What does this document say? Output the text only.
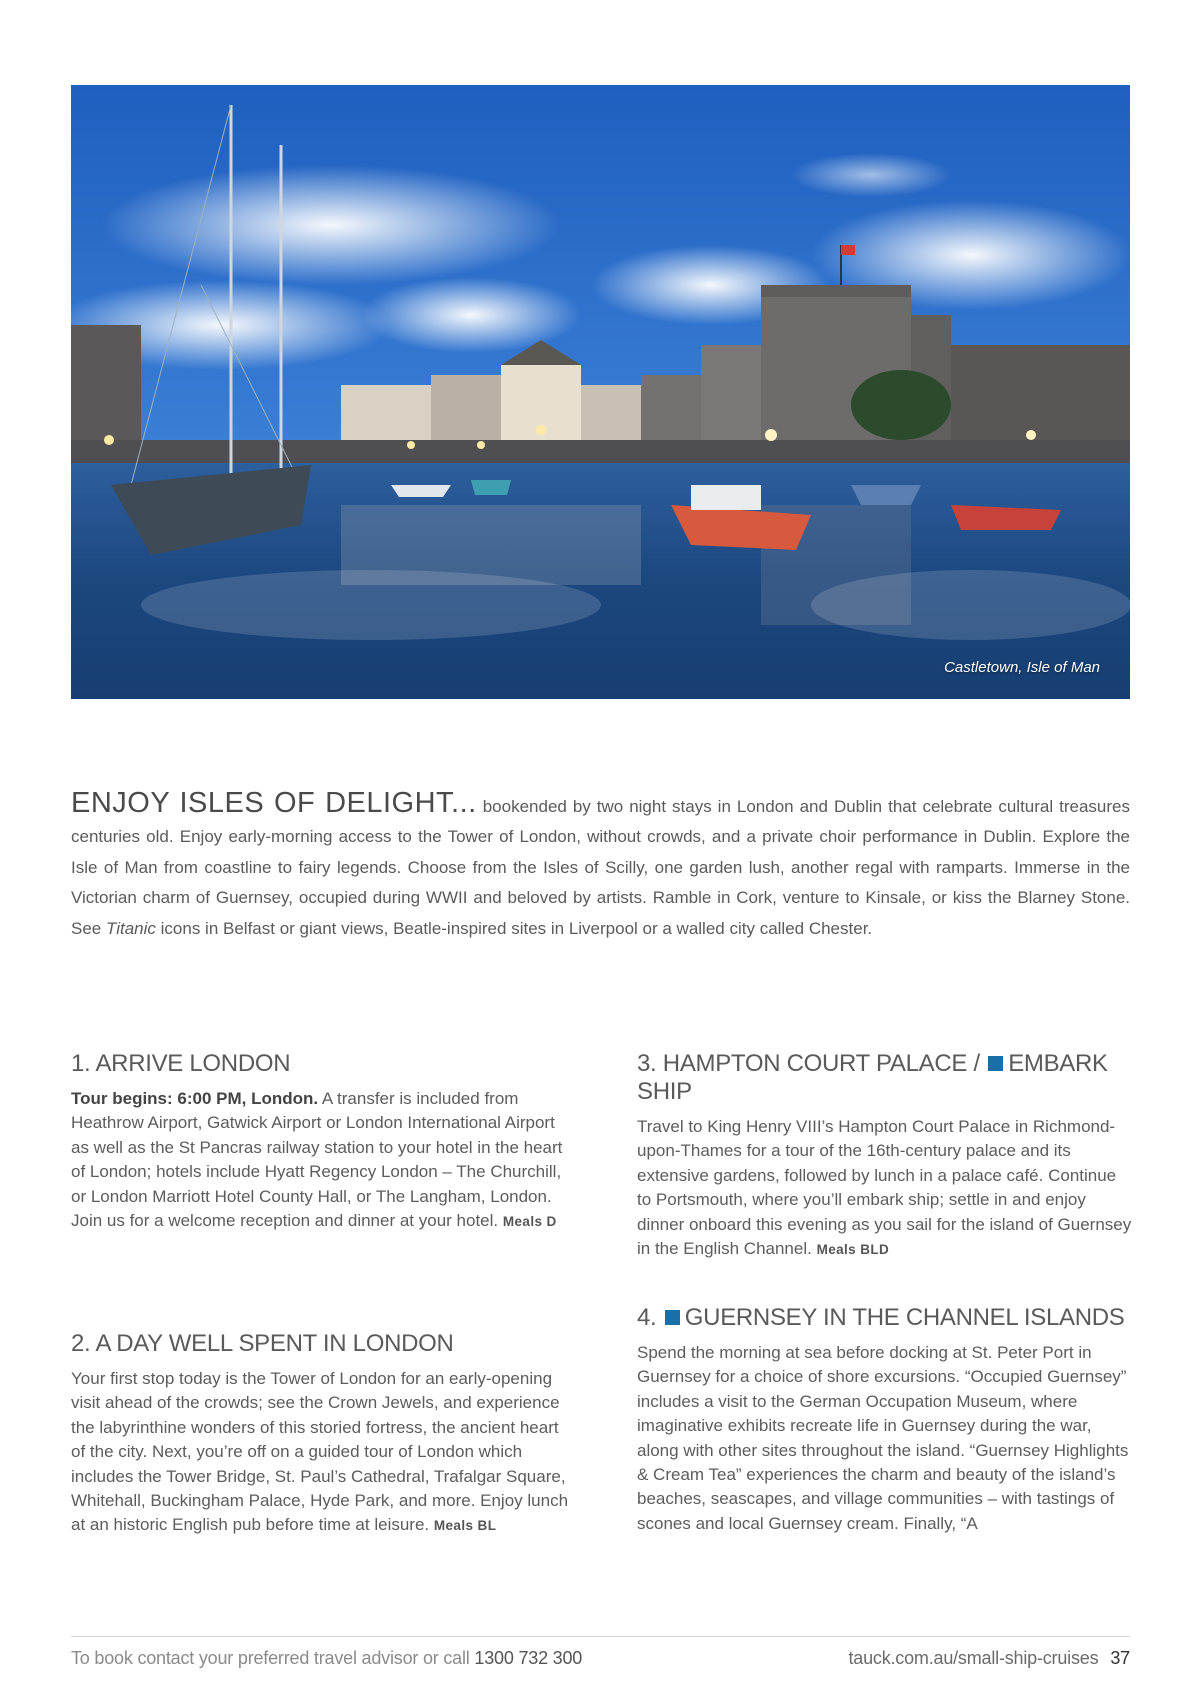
Castletown, Isle of Man
ENJOY ISLES OF DELIGHT... bookended by two night stays in London and Dublin that celebrate cultural treasures centuries old. Enjoy early-morning access to the Tower of London, without crowds, and a private choir performance in Dublin. Explore the Isle of Man from coastline to fairy legends. Choose from the Isles of Scilly, one garden lush, another regal with ramparts. Immerse in the Victorian charm of Guernsey, occupied during WWII and beloved by artists. Ramble in Cork, venture to Kinsale, or kiss the Blarney Stone. See Titanic icons in Belfast or giant views, Beatle-inspired sites in Liverpool or a walled city called Chester.
1. ARRIVE LONDON

Tour begins: 6:00 PM, London. A transfer is included from Heathrow Airport, Gatwick Airport or London International Airport as well as the St Pancras railway station to your hotel in the heart of London; hotels include Hyatt Regency London – The Churchill, or London Marriott Hotel County Hall, or The Langham, London. Join us for a welcome reception and dinner at your hotel. Meals D

2. A DAY WELL SPENT IN LONDON

Your first stop today is the Tower of London for an early-opening visit ahead of the crowds; see the Crown Jewels, and experience the labyrinthine wonders of this storied fortress, the ancient heart of the city. Next, you’re off on a guided tour of London which includes the Tower Bridge, St. Paul’s Cathedral, Trafalgar Square, Whitehall, Buckingham Palace, Hyde Park, and more. Enjoy lunch at an historic English pub before time at leisure. Meals BL

3. HAMPTON COURT PALACE / EMBARK SHIP

Travel to King Henry VIII’s Hampton Court Palace in Richmond-upon-Thames for a tour of the 16th-century palace and its extensive gardens, followed by lunch in a palace café. Continue to Portsmouth, where you’ll embark ship; settle in and enjoy dinner onboard this evening as you sail for the island of Guernsey in the English Channel. Meals BLD

4. GUERNSEY IN THE CHANNEL ISLANDS

Spend the morning at sea before docking at St. Peter Port in Guernsey for a choice of shore excursions. “Occupied Guernsey” includes a visit to the German Occupation Museum, where imaginative exhibits recreate life in Guernsey during the war, along with other sites throughout the island. “Guernsey Highlights & Cream Tea” experiences the charm and beauty of the island’s beaches, seascapes, and village communities – with tastings of scones and local Guernsey cream. Finally, “A

To book contact your preferred travel advisor or call 1300 732 300	tauck.com.au/small-ship-cruises 37
